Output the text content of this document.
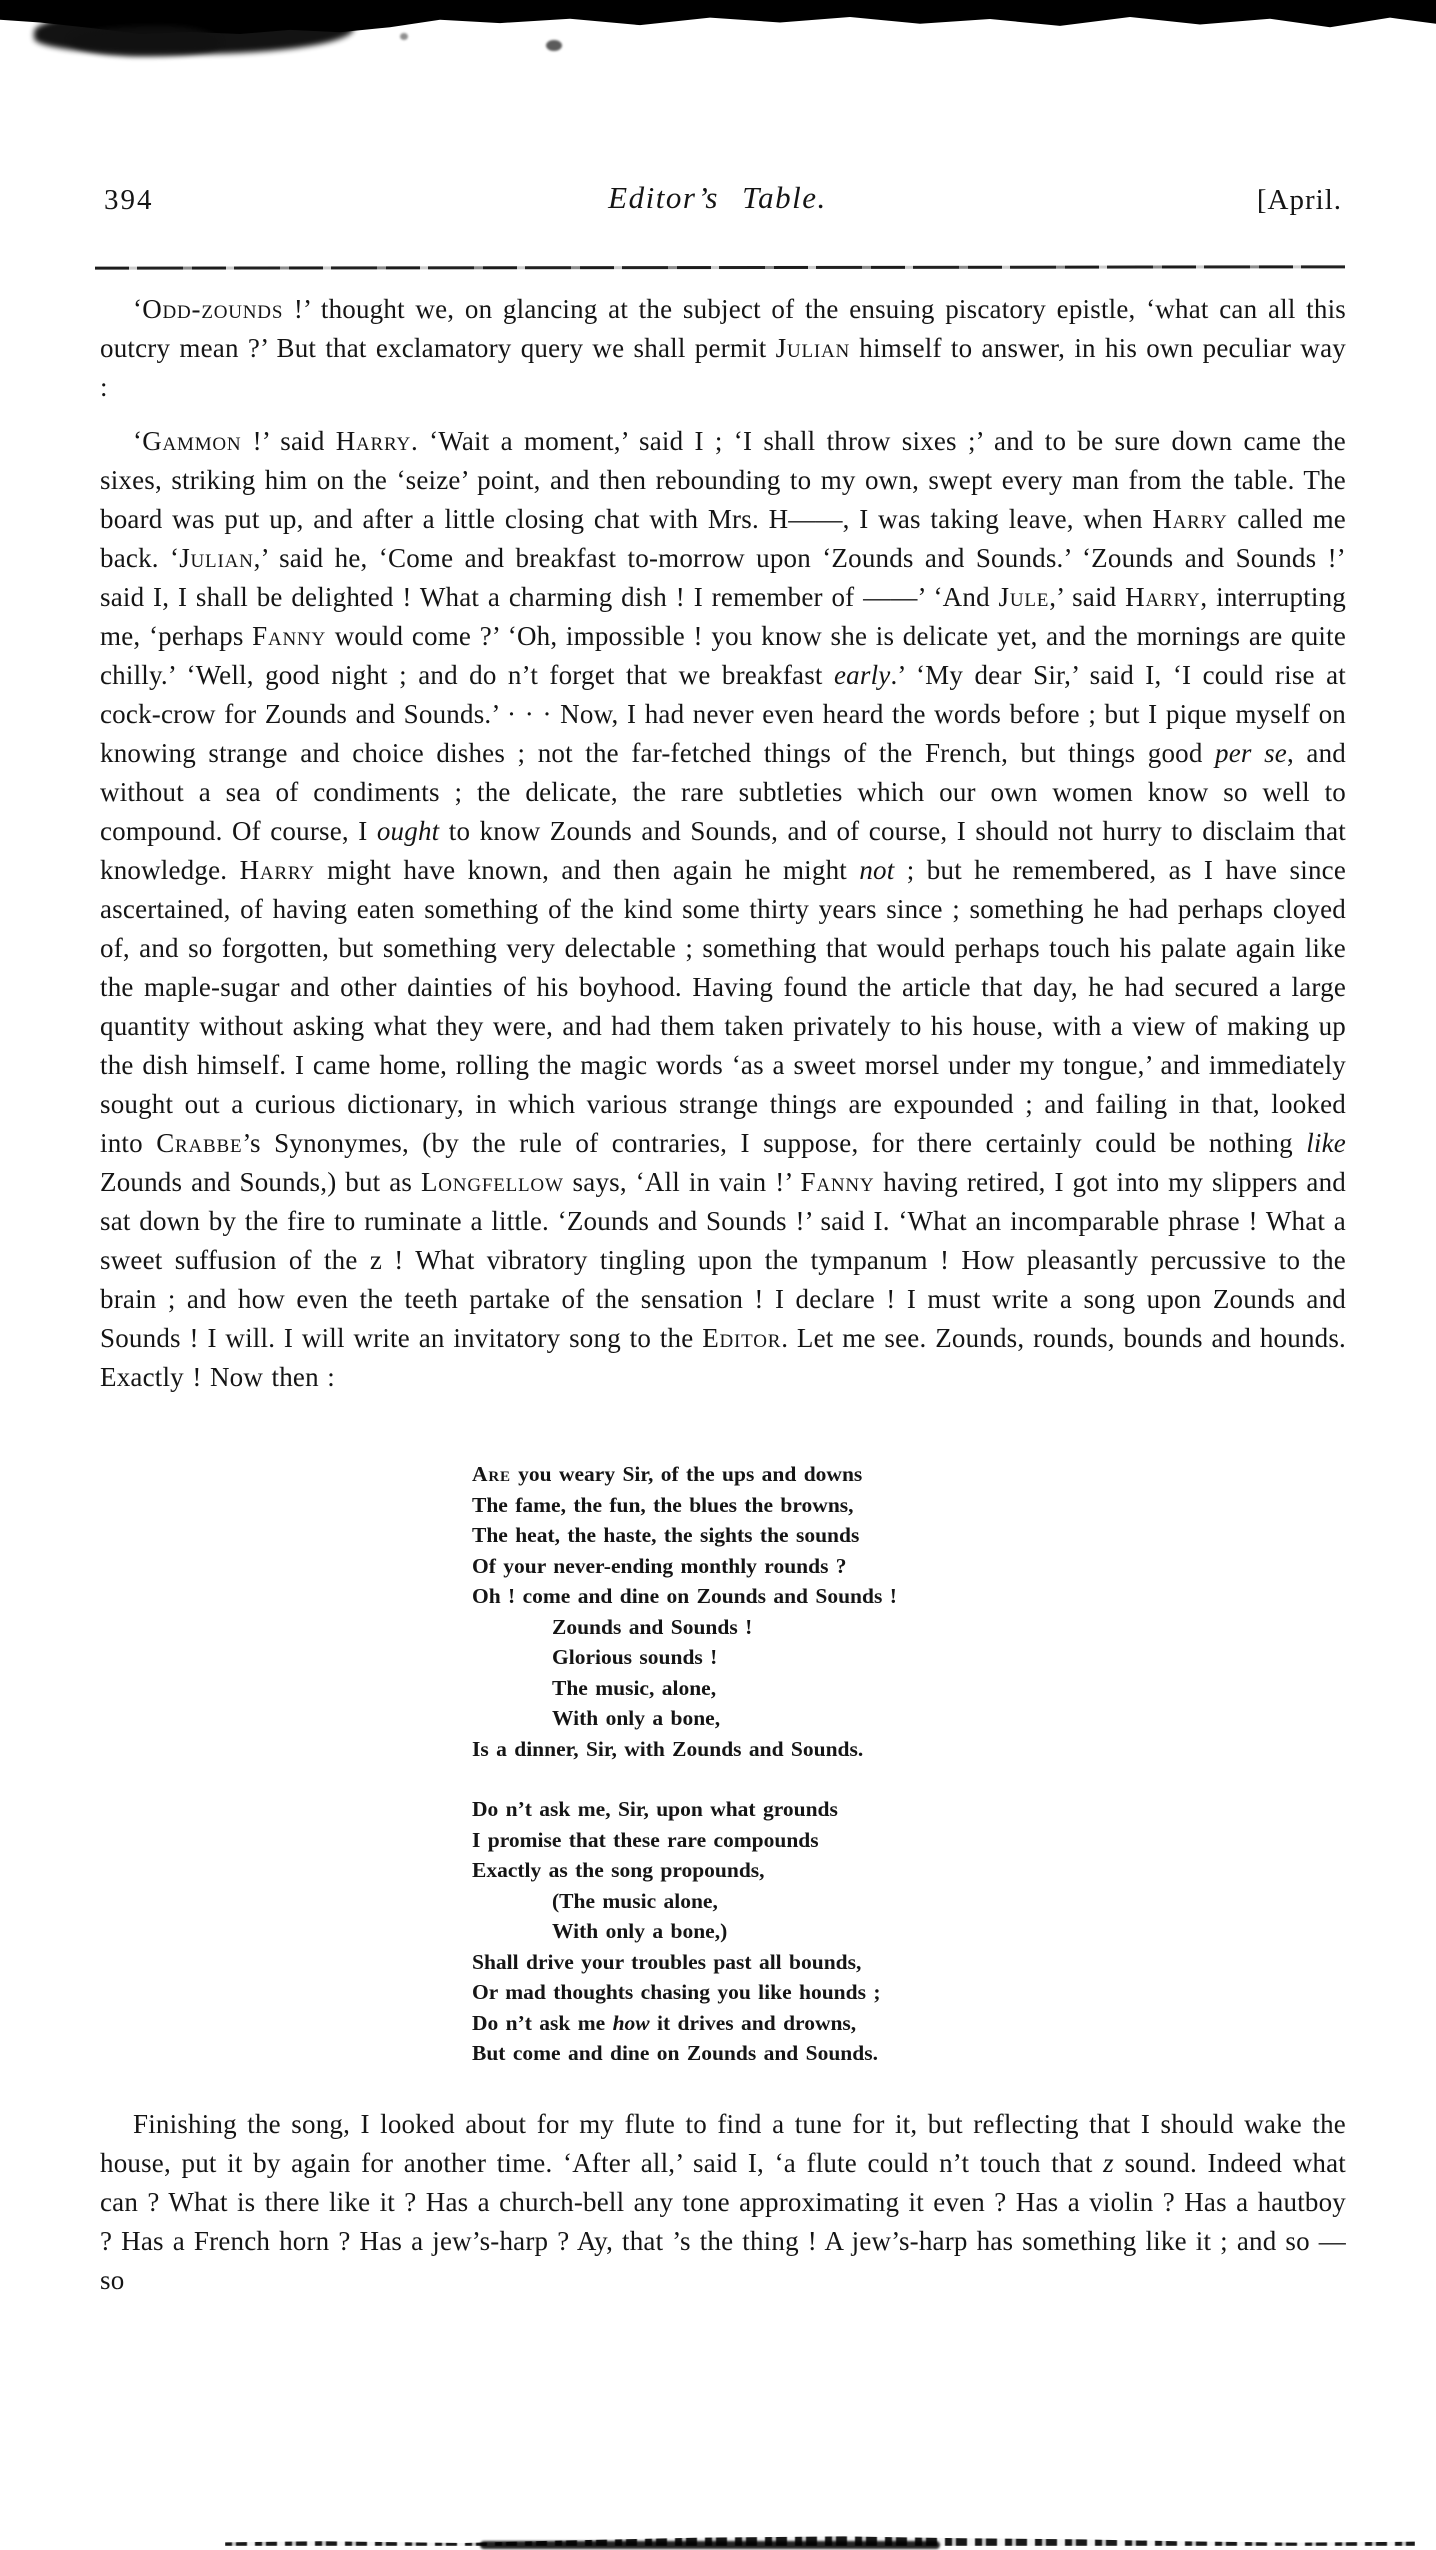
394	Editor’s Table.	[April.

‘Odd-zounds !’ thought we, on glancing at the subject of the ensuing piscatory epistle, ‘what can all this outcry mean ?’ But that exclamatory query we shall permit Julian himself to answer, in his own peculiar way :

‘Gammon !’ said Harry. ‘Wait a moment,’ said I ; ‘I shall throw sixes ;’ and to be sure down came the sixes, striking him on the ‘seize’ point, and then rebounding to my own, swept every man from the table. The board was put up, and after a little closing chat with Mrs. H——, I was taking leave, when Harry called me back. ‘Julian,’ said he, ‘Come and breakfast to-morrow upon ‘Zounds and Sounds.’ ‘Zounds and Sounds !’ said I, I shall be delighted ! What a charming dish ! I remember of ——’ ‘And Jule,’ said Harry, interrupting me, ‘perhaps Fanny would come ?’ ‘Oh, impossible ! you know she is delicate yet, and the mornings are quite chilly.’ ‘Well, good night ; and do n’t forget that we breakfast early.’ ‘My dear Sir,’ said I, ‘I could rise at cock-crow for Zounds and Sounds.’ · · · Now, I had never even heard the words before ; but I pique myself on knowing strange and choice dishes ; not the far-fetched things of the French, but things good per se, and without a sea of condiments ; the delicate, the rare subtleties which our own women know so well to compound. Of course, I ought to know Zounds and Sounds, and of course, I should not hurry to disclaim that knowledge. Harry might have known, and then again he might not ; but he remembered, as I have since ascertained, of having eaten something of the kind some thirty years since ; something he had perhaps cloyed of, and so forgotten, but something very delectable ; something that would perhaps touch his palate again like the maple-sugar and other dainties of his boyhood. Having found the article that day, he had secured a large quantity without asking what they were, and had them taken privately to his house, with a view of making up the dish himself. I came home, rolling the magic words ‘as a sweet morsel under my tongue,’ and immediately sought out a curious dictionary, in which various strange things are expounded ; and failing in that, looked into Crabbe’s Synonymes, (by the rule of contraries, I suppose, for there certainly could be nothing like Zounds and Sounds,) but as Longfellow says, ‘All in vain !’ Fanny having retired, I got into my slippers and sat down by the fire to ruminate a little. ‘Zounds and Sounds !’ said I. ‘What an incomparable phrase ! What a sweet suffusion of the z ! What vibratory tingling upon the tympanum ! How pleasantly percussive to the brain ; and how even the teeth partake of the sensation ! I declare ! I must write a song upon Zounds and Sounds ! I will. I will write an invitatory song to the Editor. Let me see. Zounds, rounds, bounds and hounds. Exactly ! Now then :

Are you weary Sir, of the ups and downs
The fame, the fun, the blues the browns,
The heat, the haste, the sights the sounds
Of your never-ending monthly rounds ?
Oh ! come and dine on Zounds and Sounds !
Zounds and Sounds !
Glorious sounds !
The music, alone,
With only a bone,
Is a dinner, Sir, with Zounds and Sounds.
Do n’t ask me, Sir, upon what grounds
I promise that these rare compounds
Exactly as the song propounds,
(The music alone,
With only a bone,)
Shall drive your troubles past all bounds,
Or mad thoughts chasing you like hounds ;
Do n’t ask me how it drives and drowns,
But come and dine on Zounds and Sounds.

Finishing the song, I looked about for my flute to find a tune for it, but reflecting that I should wake the house, put it by again for another time. ‘After all,’ said I, ‘a flute could n’t touch that z sound. Indeed what can ? What is there like it ? Has a church-bell any tone approximating it even ? Has a violin ? Has a hautboy ? Has a French horn ? Has a jew’s-harp ? Ay, that ’s the thing ! A jew’s-harp has something like it ; and so — so
